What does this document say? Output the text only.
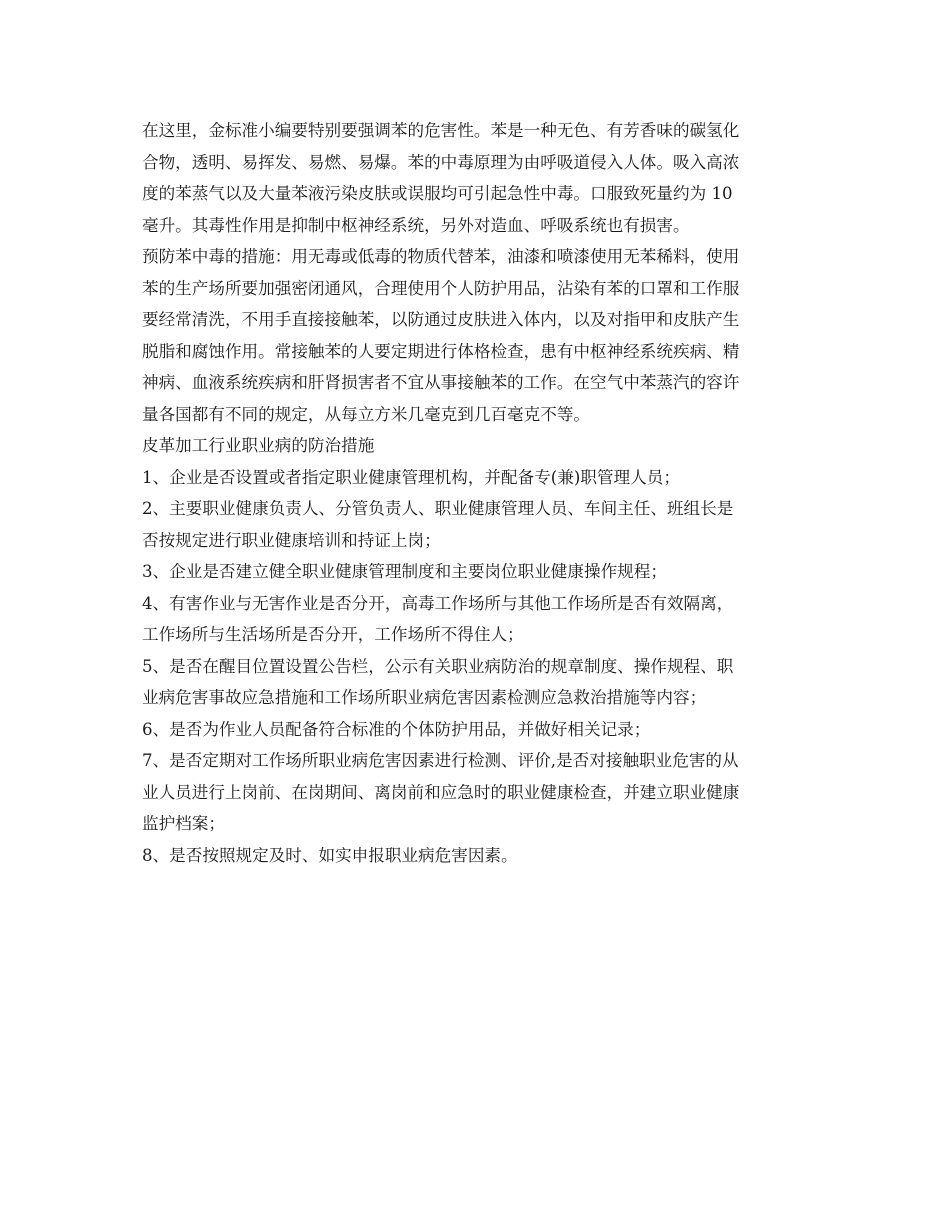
在这里，金标准小编要特别要强调苯的危害性。苯是一种无色、有芳香味的碳氢化
合物，透明、易挥发、易燃、易爆。苯的中毒原理为由呼吸道侵入人体。吸入高浓
度的苯蒸气以及大量苯液污染皮肤或误服均可引起急性中毒。口服致死量约为 10
毫升。其毒性作用是抑制中枢神经系统，另外对造血、呼吸系统也有损害。
预防苯中毒的措施：用无毒或低毒的物质代替苯，油漆和喷漆使用无苯稀料，使用
苯的生产场所要加强密闭通风，合理使用个人防护用品，沾染有苯的口罩和工作服
要经常清洗，不用手直接接触苯，以防通过皮肤进入体内，以及对指甲和皮肤产生
脱脂和腐蚀作用。常接触苯的人要定期进行体格检查，患有中枢神经系统疾病、精
神病、血液系统疾病和肝肾损害者不宜从事接触苯的工作。在空气中苯蒸汽的容许
量各国都有不同的规定，从每立方米几毫克到几百毫克不等。
皮革加工行业职业病的防治措施
1、企业是否设置或者指定职业健康管理机构，并配备专(兼)职管理人员；
2、主要职业健康负责人、分管负责人、职业健康管理人员、车间主任、班组长是
否按规定进行职业健康培训和持证上岗；
3、企业是否建立健全职业健康管理制度和主要岗位职业健康操作规程；
4、有害作业与无害作业是否分开，高毒工作场所与其他工作场所是否有效隔离，
工作场所与生活场所是否分开，工作场所不得住人；
5、是否在醒目位置设置公告栏，公示有关职业病防治的规章制度、操作规程、职
业病危害事故应急措施和工作场所职业病危害因素检测应急救治措施等内容；
6、是否为作业人员配备符合标准的个体防护用品，并做好相关记录；
7、是否定期对工作场所职业病危害因素进行检测、评价,是否对接触职业危害的从
业人员进行上岗前、在岗期间、离岗前和应急时的职业健康检查，并建立职业健康
监护档案；
8、是否按照规定及时、如实申报职业病危害因素。
